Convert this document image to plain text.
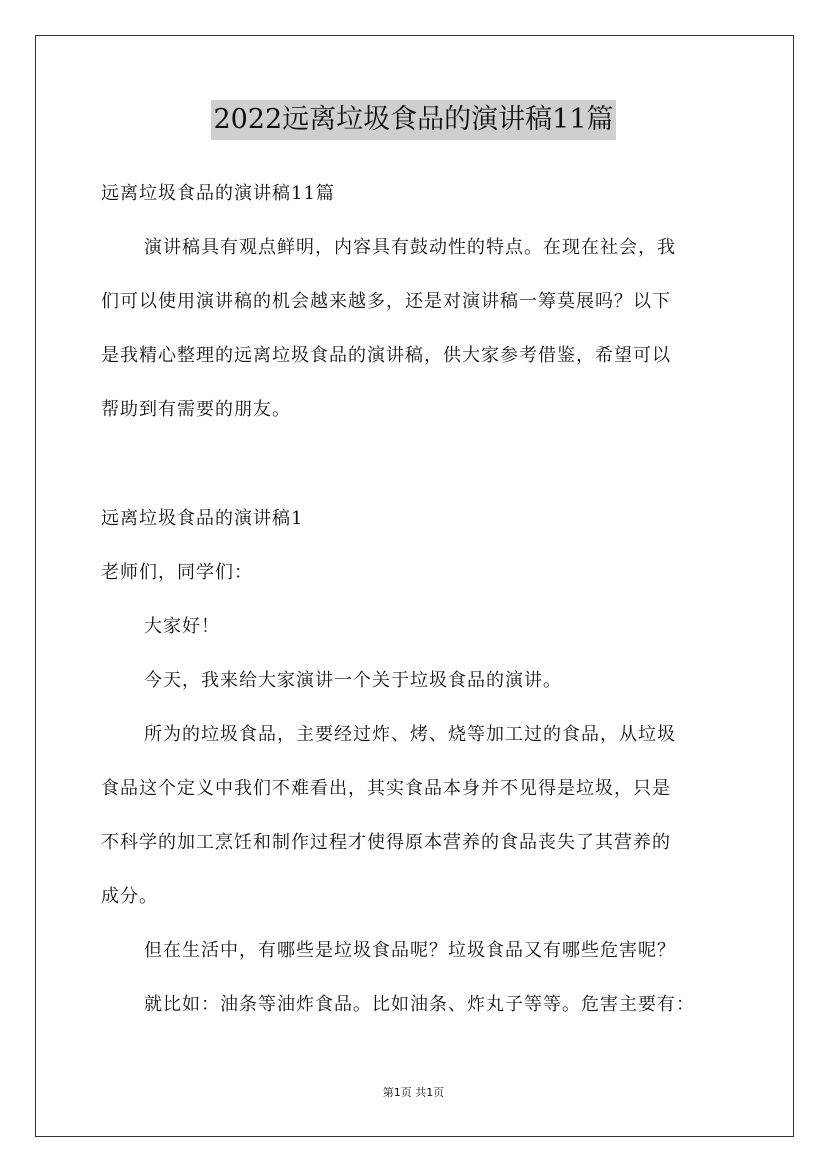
2022远离垃圾食品的演讲稿11篇
远离垃圾食品的演讲稿11篇
演讲稿具有观点鲜明，内容具有鼓动性的特点。在现在社会，我
们可以使用演讲稿的机会越来越多，还是对演讲稿一筹莫展吗？以下
是我精心整理的远离垃圾食品的演讲稿，供大家参考借鉴，希望可以
帮助到有需要的朋友。
远离垃圾食品的演讲稿1
老师们，同学们：
大家好！
今天，我来给大家演讲一个关于垃圾食品的演讲。
所为的垃圾食品，主要经过炸、烤、烧等加工过的食品，从垃圾
食品这个定义中我们不难看出，其实食品本身并不见得是垃圾，只是
不科学的加工烹饪和制作过程才使得原本营养的食品丧失了其营养的
成分。
但在生活中，有哪些是垃圾食品呢？垃圾食品又有哪些危害呢？
就比如：油条等油炸食品。比如油条、炸丸子等等。危害主要有：
第1页 共1页
